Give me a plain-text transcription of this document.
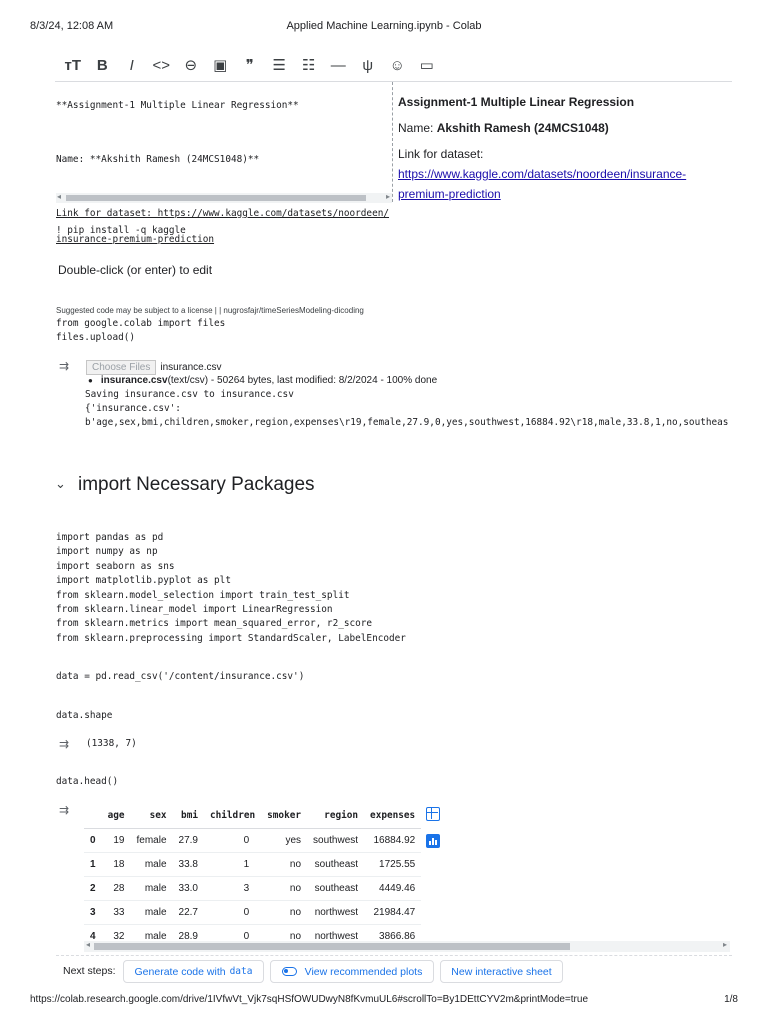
8/3/24, 12:08 AM	Applied Machine Learning.ipynb - Colab
тT	B	I	<> ⊖	▣	❞	☰	☷	—	ψ	☺ ▭

**Assignment-1 Multiple Linear Regression**

Name: **Akshith Ramesh (24MCS1048)**

Link for dataset: https://www.kaggle.com/datasets/noordeen/

insurance-premium-prediction

◂	▸
Assignment-1 Multiple Linear Regression
Name: Akshith Ramesh (24MCS1048)
Link for dataset:
https://www.kaggle.com/datasets/noordeen/insurance-
premium-prediction
! pip install -q kaggle
Double-click (or enter) to edit
Suggested code may be subject to a license | | nugrosfajr/timeSeriesModeling-dicoding
from google.colab import files
files.upload()
⇉	Choose Files	insurance.csv
● insurance.csv (text/csv) - 50264 bytes, last modified: 8/2/2024 - 100% done
Saving insurance.csv to insurance.csv
{'insurance.csv':
b'age,sex,bmi,children,smoker,region,expenses\r19,female,27.9,0,yes,southwest,16884.92\r18,male,33.8,1,no,southeas
⌄ import Necessary Packages
import pandas as pd
import numpy as np
import seaborn as sns
import matplotlib.pyplot as plt
from sklearn.model_selection import train_test_split
from sklearn.linear_model import LinearRegression
from sklearn.metrics import mean_squared_error, r2_score
from sklearn.preprocessing import StandardScaler, LabelEncoder
data = pd.read_csv('/content/insurance.csv')
data.shape
⇉ (1338, 7)
data.head()
⇉
		age	sex	bmi	children	smoker	region	expenses
0	19	female	27.9	0	yes	southwest	16884.92
1	18	male	33.8	1	no	southeast	1725.55
2	28	male	33.0	3	no	southeast	4449.46
3	33	male	22.7	0	no	northwest	21984.47
4	32	male	28.9	0	no	northwest	3866.86
◂	▸
Next steps: Generate code with data	View recommended plots	New interactive sheet
https://colab.research.google.com/drive/1IVfwVt_Vjk7sqHSfOWUDwyN8fKvmuUL6#scrollTo=By1DEttCYV2m&printMode=true	1/8
